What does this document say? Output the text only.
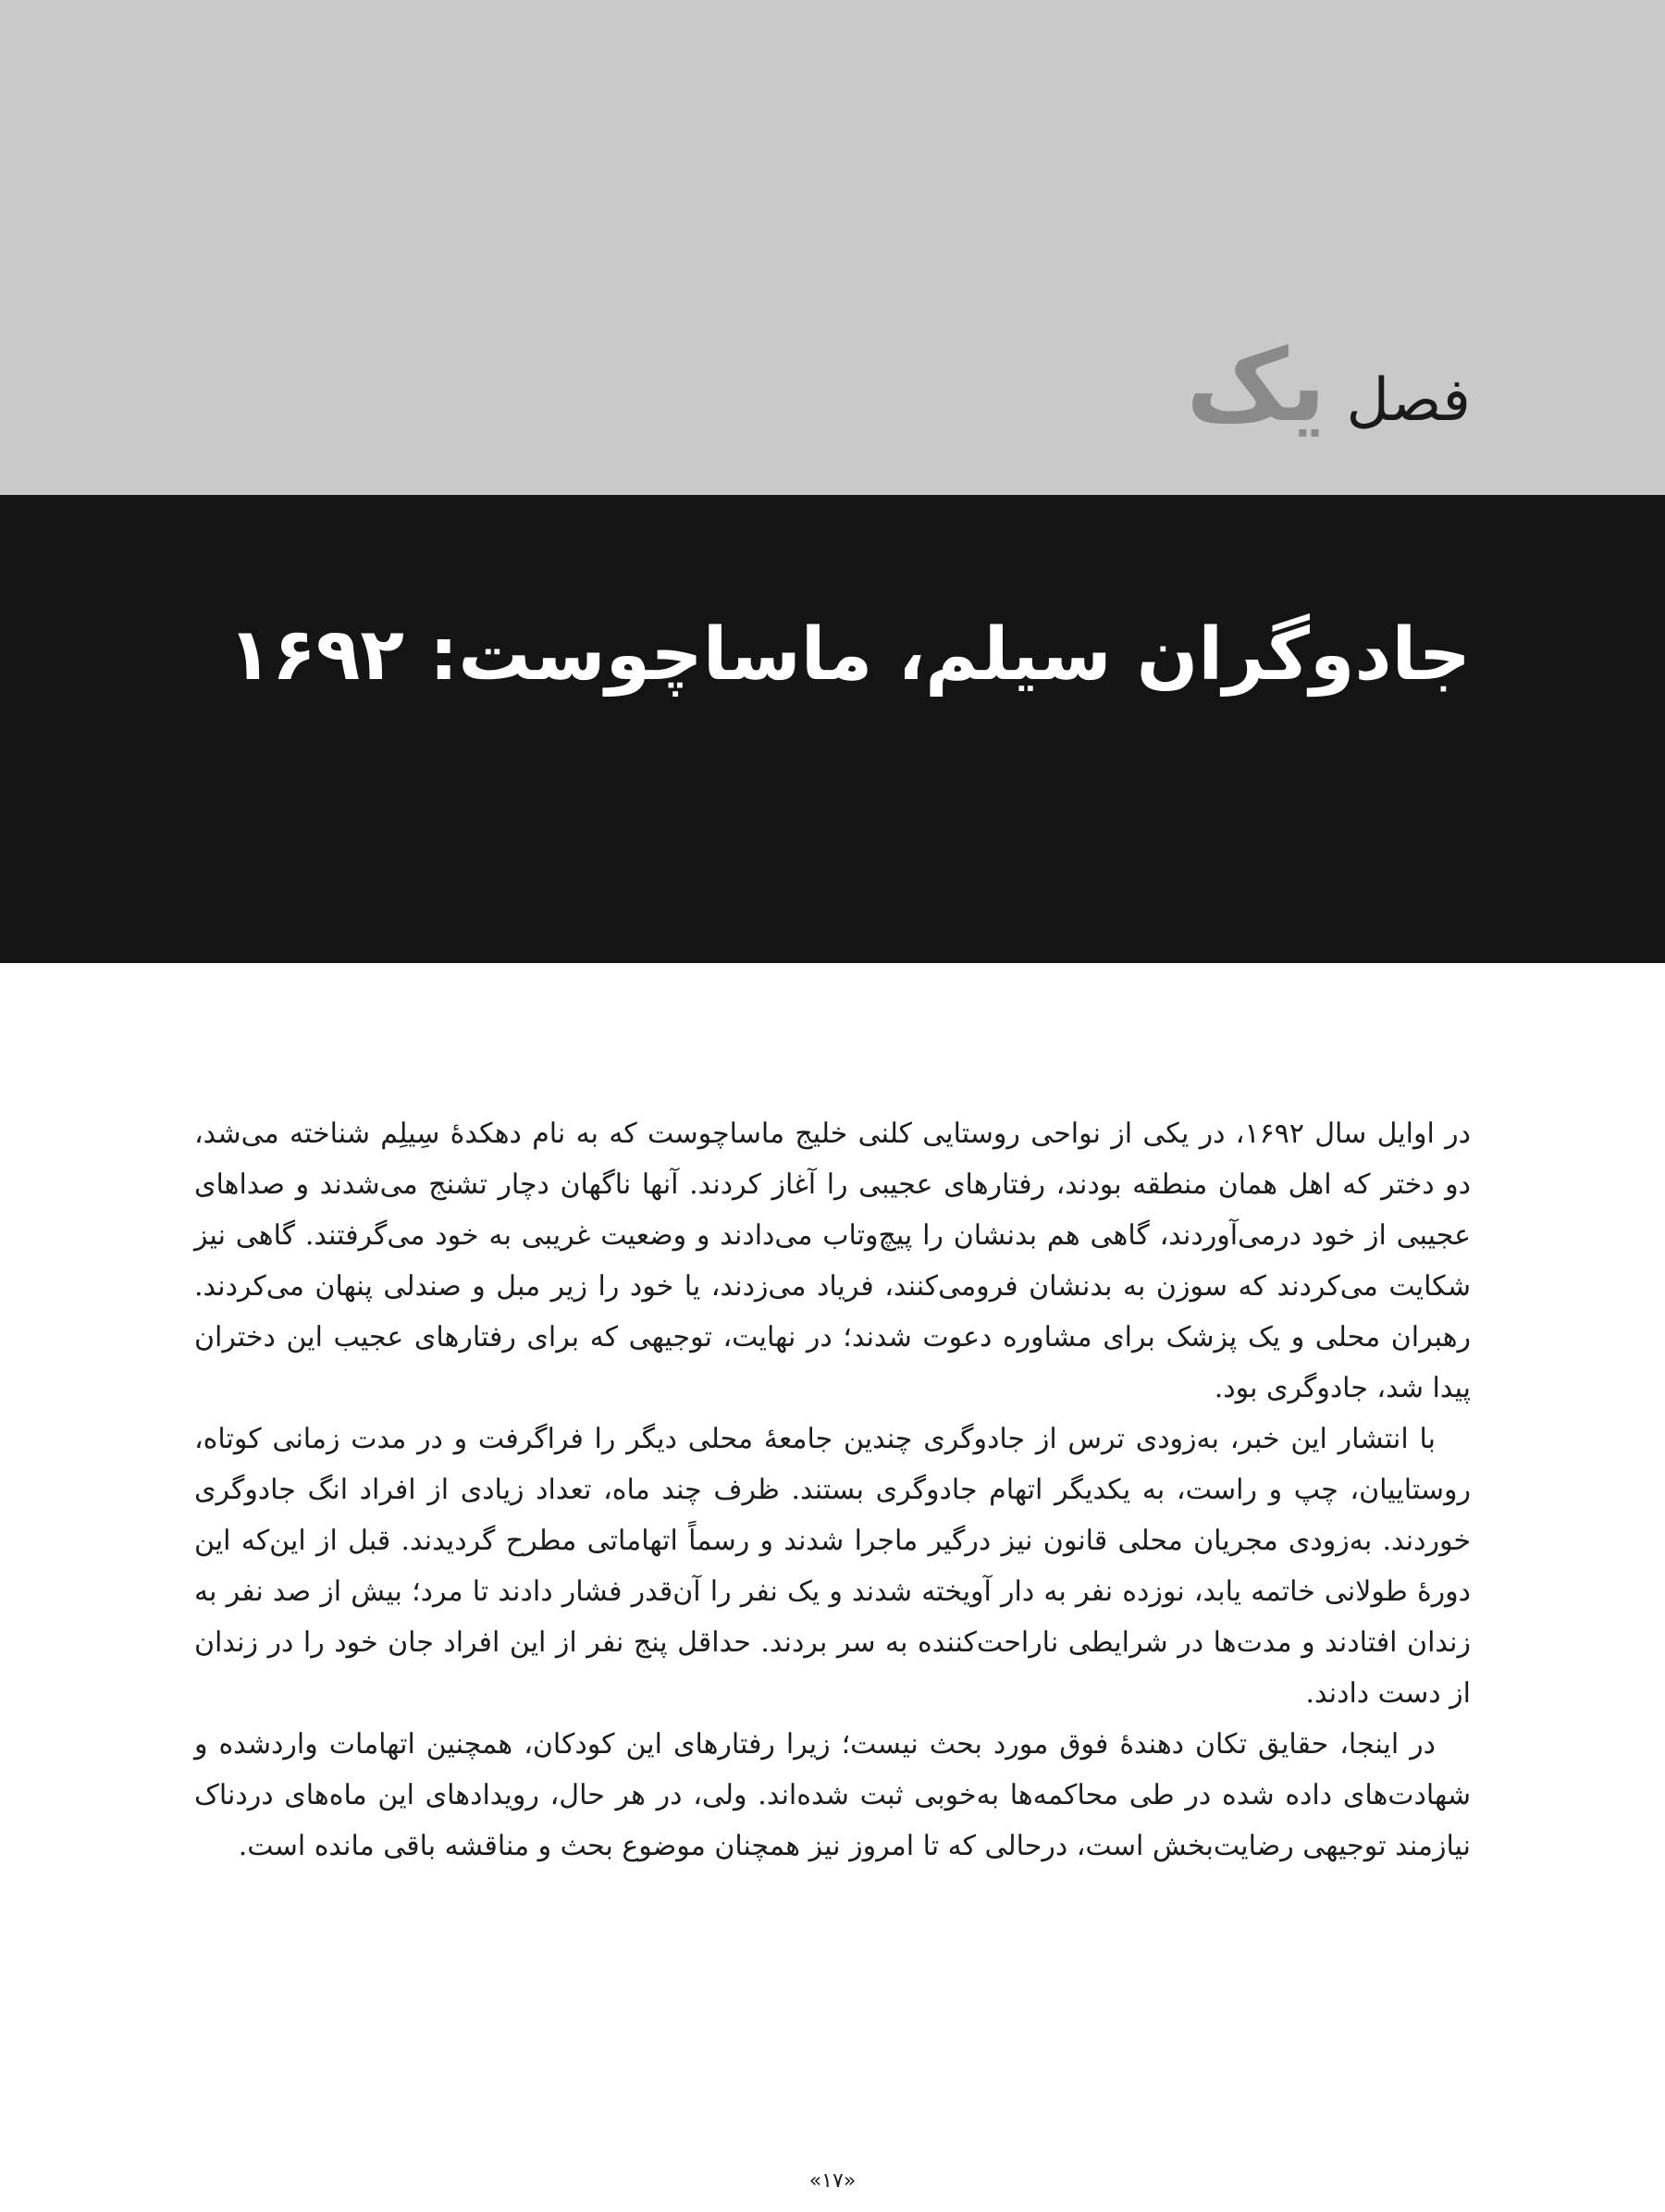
فصل
یک
جادوگران سیلم، ماساچوست: ۱۶۹۲

در اوایل سال ۱۶۹۲، در یکی از نواحی روستایی کلنی خلیج ماساچوست که به نام دهکدهٔ سِیلِم شناخته می‌شد، دو دختر که اهل همان منطقه بودند، رفتارهای عجیبی را آغاز کردند. آنها ناگهان دچار تشنج می‌شدند و صداهای عجیبی از خود درمی‌آوردند، گاهی هم بدنشان را پیچ‌وتاب می‌دادند و وضعیت غریبی به خود می‌گرفتند. گاهی نیز شکایت می‌کردند که سوزن به بدنشان فرومی‌کنند، فریاد می‌زدند، یا خود را زیر مبل و صندلی پنهان می‌کردند. رهبران محلی و یک پزشک برای مشاوره دعوت شدند؛ در نهایت، توجیهی که برای رفتارهای عجیب این دختران پیدا شد، جادوگری بود.

با انتشار این خبر، به‌زودی ترس از جادوگری چندین جامعهٔ محلی دیگر را فراگرفت و در مدت زمانی کوتاه، روستاییان، چپ و راست، به یکدیگر اتهام جادوگری بستند. ظرف چند ماه، تعداد زیادی از افراد انگ جادوگری خوردند. به‌زودی مجریان محلی قانون نیز درگیر ماجرا شدند و رسماً اتهاماتی مطرح گردیدند. قبل از این‌که این دورهٔ طولانی خاتمه یابد، نوزده نفر به دار آویخته شدند و یک نفر را آن‌قدر فشار دادند تا مرد؛ بیش از صد نفر به زندان افتادند و مدت‌ها در شرایطی ناراحت‌کننده به سر بردند. حداقل پنج نفر از این افراد جان خود را در زندان از دست دادند.

در اینجا، حقایق تکان دهندهٔ فوق مورد بحث نیست؛ زیرا رفتارهای این کودکان، همچنین اتهامات واردشده و شهادت‌های داده شده در طی محاکمه‌ها به‌خوبی ثبت شده‌اند. ولی، در هر حال، رویدادهای این ماه‌های دردناک نیازمند توجیهی رضایت‌بخش است، درحالی که تا امروز نیز همچنان موضوع بحث و مناقشه باقی مانده است.

«۱۷»
